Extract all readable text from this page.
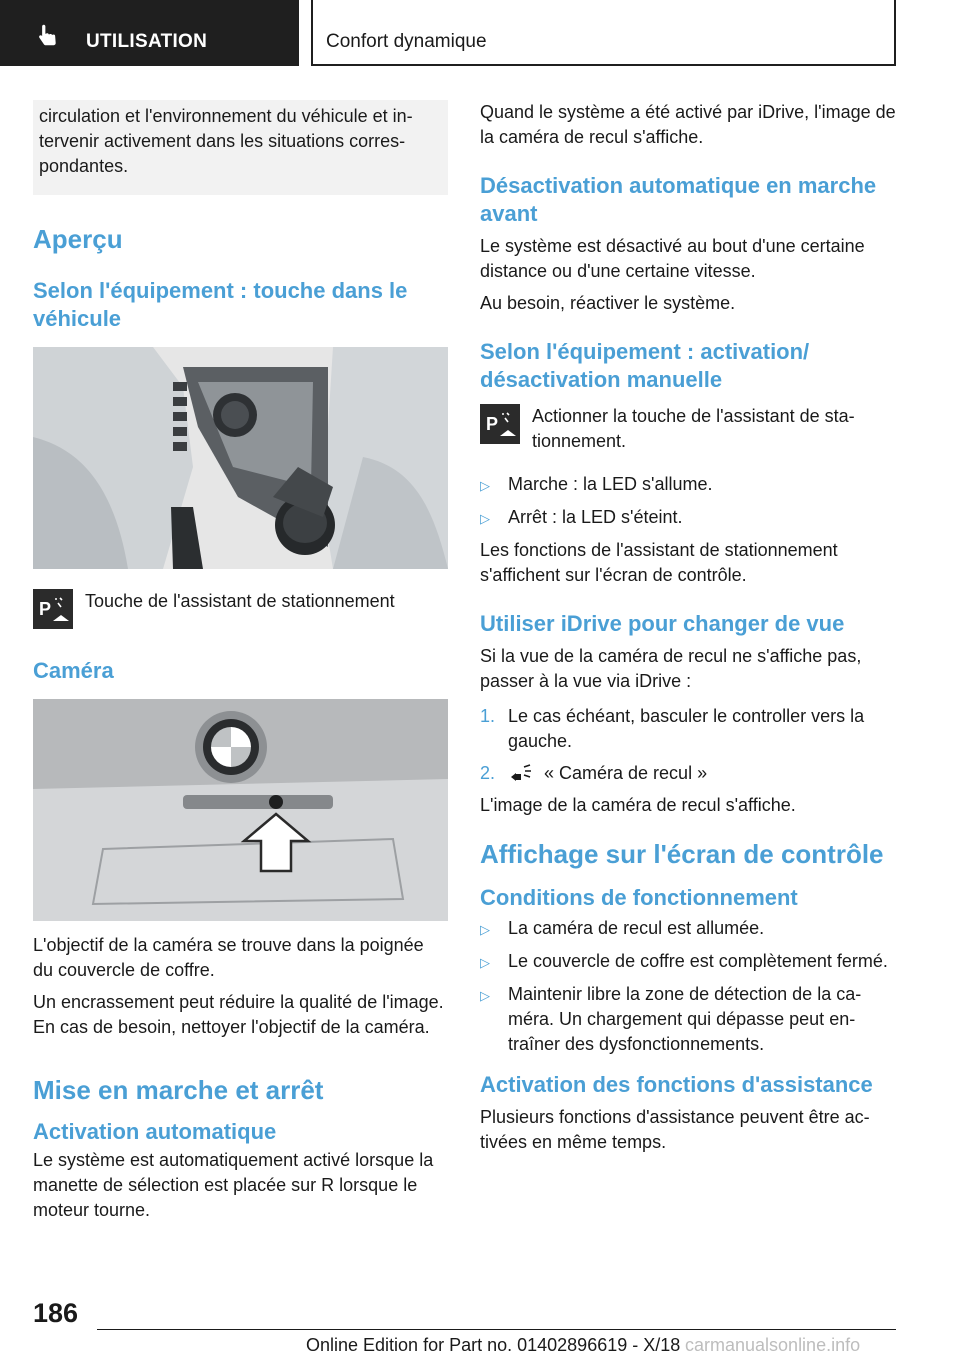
UTILISATION	Confort dynamique

circulation et l'environnement du véhicule et intervenir activement dans les situations correspondantes.

Aperçu
Selon l'équipement : touche dans le véhicule
P Touche de l'assistant de stationnement

Caméra

L'objectif de la caméra se trouve dans la poignée du couvercle de coffre.

Un encrassement peut réduire la qualité de l'image. En cas de besoin, nettoyer l'objectif de la caméra.

Mise en marche et arrêt
Activation automatique

Le système est automatiquement activé lorsque la manette de sélection est placée sur R lorsque le moteur tourne.

Quand le système a été activé par iDrive, l'image de la caméra de recul s'affiche.

Désactivation automatique en marche avant

Le système est désactivé au bout d'une certaine distance ou d'une certaine vitesse.

Au besoin, réactiver le système.

Selon l'équipement : activation/ désactivation manuelle
P Actionner la touche de l'assistant de stationnement.

▷	Marche : la LED s'allume.
▷	Arrêt : la LED s'éteint.

Les fonctions de l'assistant de stationnement s'affichent sur l'écran de contrôle.

Utiliser iDrive pour changer de vue

Si la vue de la caméra de recul ne s'affiche pas, passer à la vue via iDrive :

1. Le cas échéant, basculer le controller vers la gauche.
2.	« Caméra de recul »

L'image de la caméra de recul s'affiche.

Affichage sur l'écran de contrôle
Conditions de fonctionnement
▷	La caméra de recul est allumée.
▷	Le couvercle de coffre est complètement fermé.
▷	Maintenir libre la zone de détection de la caméra. Un chargement qui dépasse peut entraîner des dysfonctionnements.
Activation des fonctions d'assistance

Plusieurs fonctions d'assistance peuvent être activées en même temps.

186
Online Edition for Part no. 01402896619 - X/18 carmanualsonline.info
